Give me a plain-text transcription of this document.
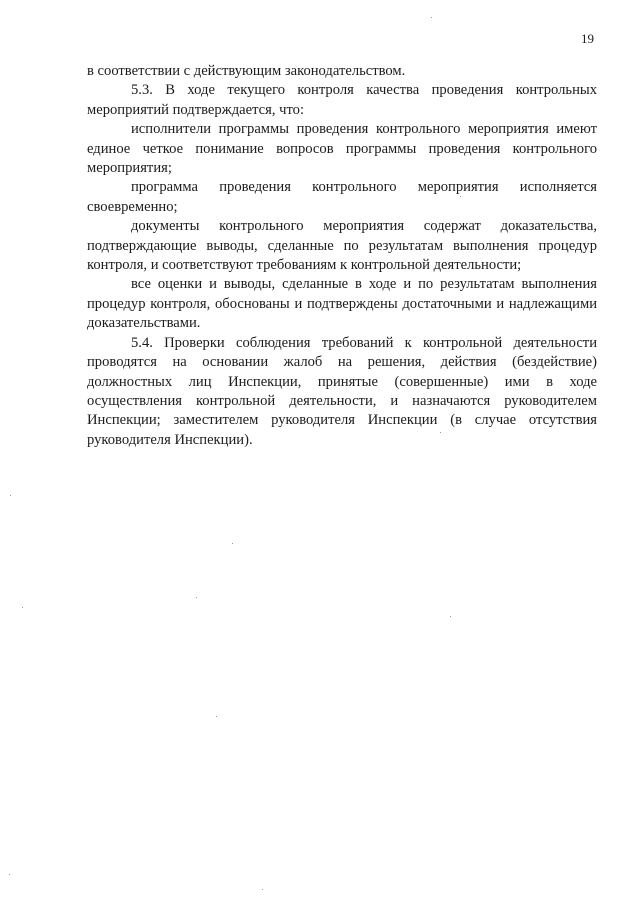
19

в соответствии с действующим законодательством.

5.3. В ходе текущего контроля качества проведения контрольных мероприятий подтверждается, что:

исполнители программы проведения контрольного мероприятия имеют единое четкое понимание вопросов программы проведения контрольного мероприятия;

программа проведения контрольного мероприятия исполняется своевременно;

документы контрольного мероприятия содержат доказательства, подтверждающие выводы, сделанные по результатам выполнения процедур контроля, и соответствуют требованиям к контрольной деятельности;

все оценки и выводы, сделанные в ходе и по результатам выполнения процедур контроля, обоснованы и подтверждены достаточными и надлежащими доказательствами.

5.4. Проверки соблюдения требований к контрольной деятельности проводятся на основании жалоб на решения, действия (бездействие) должностных лиц Инспекции, принятые (совершенные) ими в ходе осуществления контрольной деятельности, и назначаются руководителем Инспекции; заместителем руководителя Инспекции (в случае отсутствия руководителя Инспекции).
